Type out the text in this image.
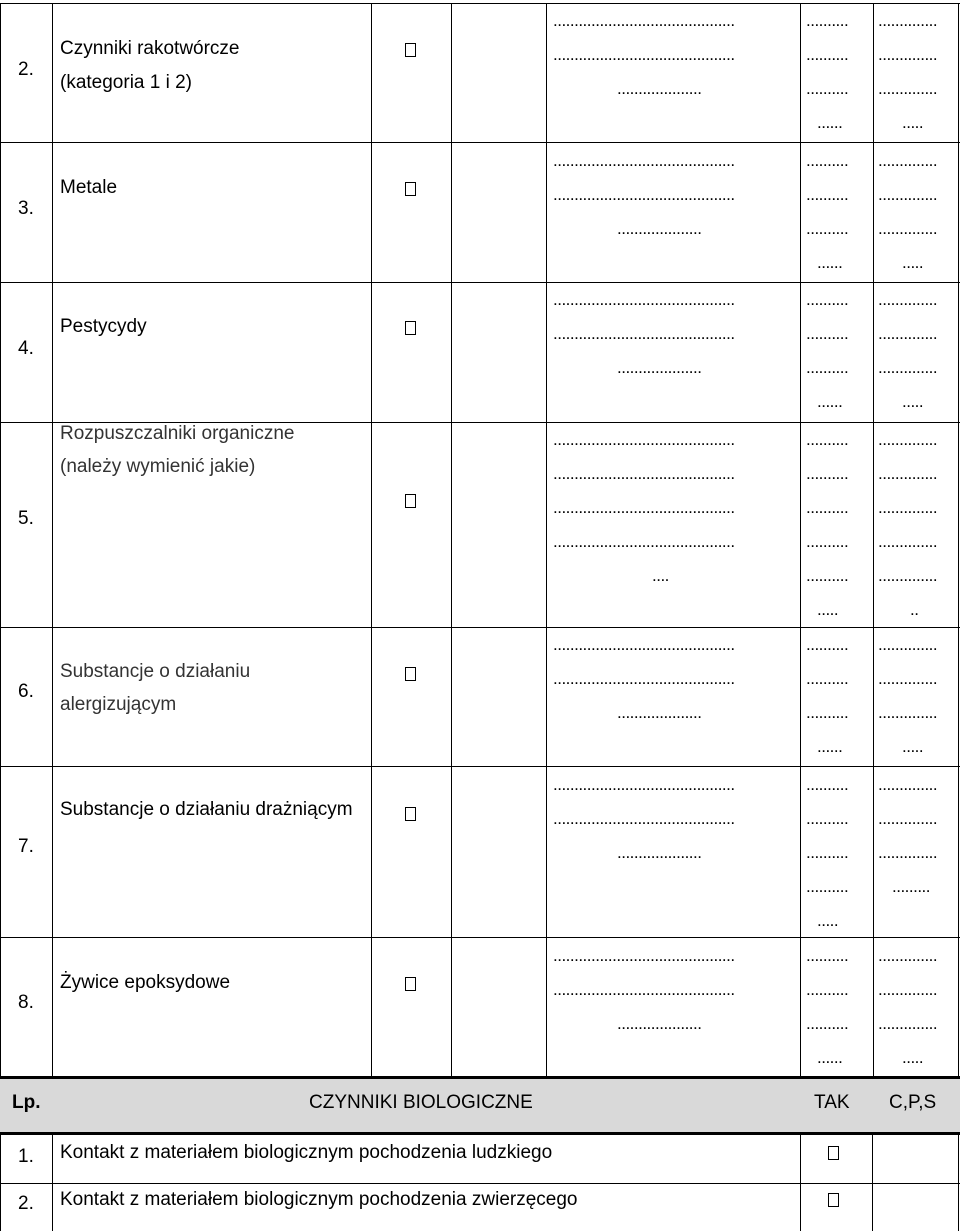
2.
Czynniki rakotwórcze
(kategoria 1 i 2)
...........................................
...........................................
....................
..........
..........
..........
......
..............
..............
..............
.....
3.
Metale
...........................................
...........................................
....................
..........
..........
..........
......
..............
..............
..............
.....
4.
Pestycydy
...........................................
...........................................
....................
..........
..........
..........
......
..............
..............
..............
.....
5.
Rozpuszczalniki organiczne
(należy wymienić jakie)
...........................................
...........................................
...........................................
...........................................
....
..........
..........
..........
..........
..........
.....
..............
..............
..............
..............
..............
..
6.
Substancje o działaniu
alergizującym
...........................................
...........................................
....................
..........
..........
..........
......
..............
..............
..............
.....
7.
Substancje o działaniu drażniącym
...........................................
...........................................
....................
..........
..........
..........
..........
.....
..............
..............
..............
.........
8.
Żywice epoksydowe
...........................................
...........................................
....................
..........
..........
..........
......
..............
..............
..............
.....
Lp.	CZYNNIKI BIOLOGICZNE	TAK C,P,S
1. Kontakt z materiałem biologicznym pochodzenia ludzkiego
2. Kontakt z materiałem biologicznym pochodzenia zwierzęcego
